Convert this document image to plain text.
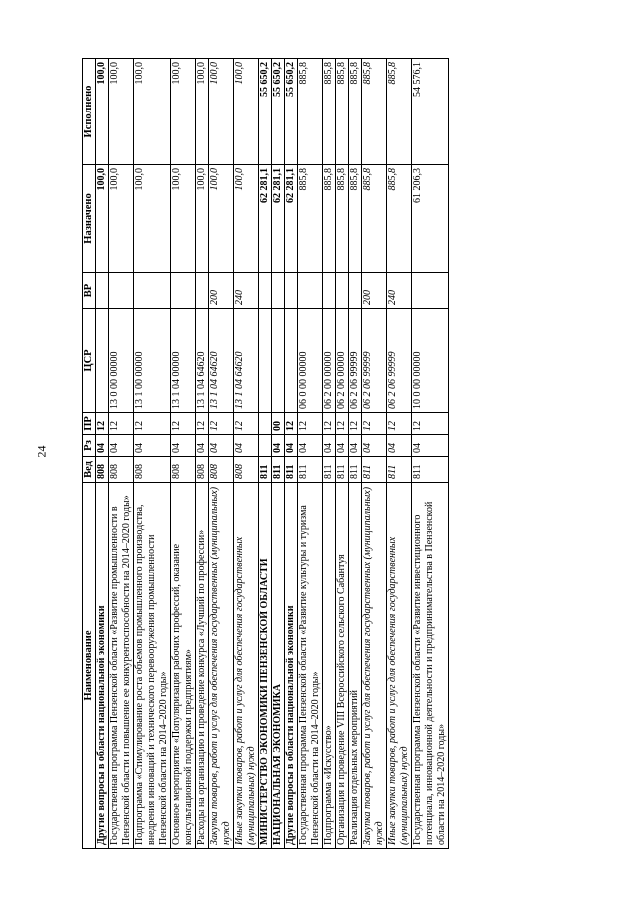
24
Наименование	Вед	Рз	ПР	ЦСР	ВР	Назначено	Исполнено
Другие вопросы в области национальной экономики	808	04	12			100,0	100,0
Государственная программа Пензенской области «Развитие промышленности в Пензенской области и повышение ее конкурентоспособности на 2014–2020 годы»	808	04	12	13 0 00 00000		100,0	100,0
Подпрограмма «Стимулирование роста объемов промышленного производства, внедрения инноваций и технического перевооружения промышленности Пензенской области на 2014–2020 годы»	808	04	12	13 1 00 00000		100,0	100,0
Основное мероприятие «Популяризация рабочих профессий, оказание консультационной поддержки предприятиям»	808	04	12	13 1 04 00000		100,0	100,0
Расходы на организацию и проведение конкурса «Лучший по профессии»	808	04	12	13 1 04 64620		100,0	100,0
Закупка товаров, работ и услуг для обеспечения государственных (муниципальных) нужд	808	04	12	13 1 04 64620	200	100,0	100,0
Иные закупки товаров, работ и услуг для обеспечения государственных (муниципальных) нужд	808	04	12	13 1 04 64620	240	100,0	100,0
МИНИСТЕРСТВО ЭКОНОМИКИ ПЕНЗЕНСКОЙ ОБЛАСТИ	811					62 281,1	55 650,2
НАЦИОНАЛЬНАЯ ЭКОНОМИКА	811	04	00			62 281,1	55 650,2
Другие вопросы в области национальной экономики	811	04	12			62 281,1	55 650,2
Государственная программа Пензенской области «Развитие культуры и туризма Пензенской области на 2014–2020 годы»	811	04	12	06 0 00 00000		885,8	885,8
Подпрограмма «Искусство»	811	04	12	06 2 00 00000		885,8	885,8
Организация и проведение VIII Всероссийского сельского Сабантуя	811	04	12	06 2 06 00000		885,8	885,8
Реализация отдельных мероприятий	811	04	12	06 2 06 99999		885,8	885,8
Закупка товаров, работ и услуг для обеспечения государственных (муниципальных) нужд	811	04	12	06 2 06 99999	200	885,8	885,8
Иные закупки товаров, работ и услуг для обеспечения государственных (муниципальных) нужд	811	04	12	06 2 06 99999	240	885,8	885,8
Государственная программа Пензенской области «Развитие инвестиционного потенциала, инновационной деятельности и предпринимательства в Пензенской области на 2014–2020 годы»	811	04	12	10 0 00 00000		61 206,3	54 576,1
